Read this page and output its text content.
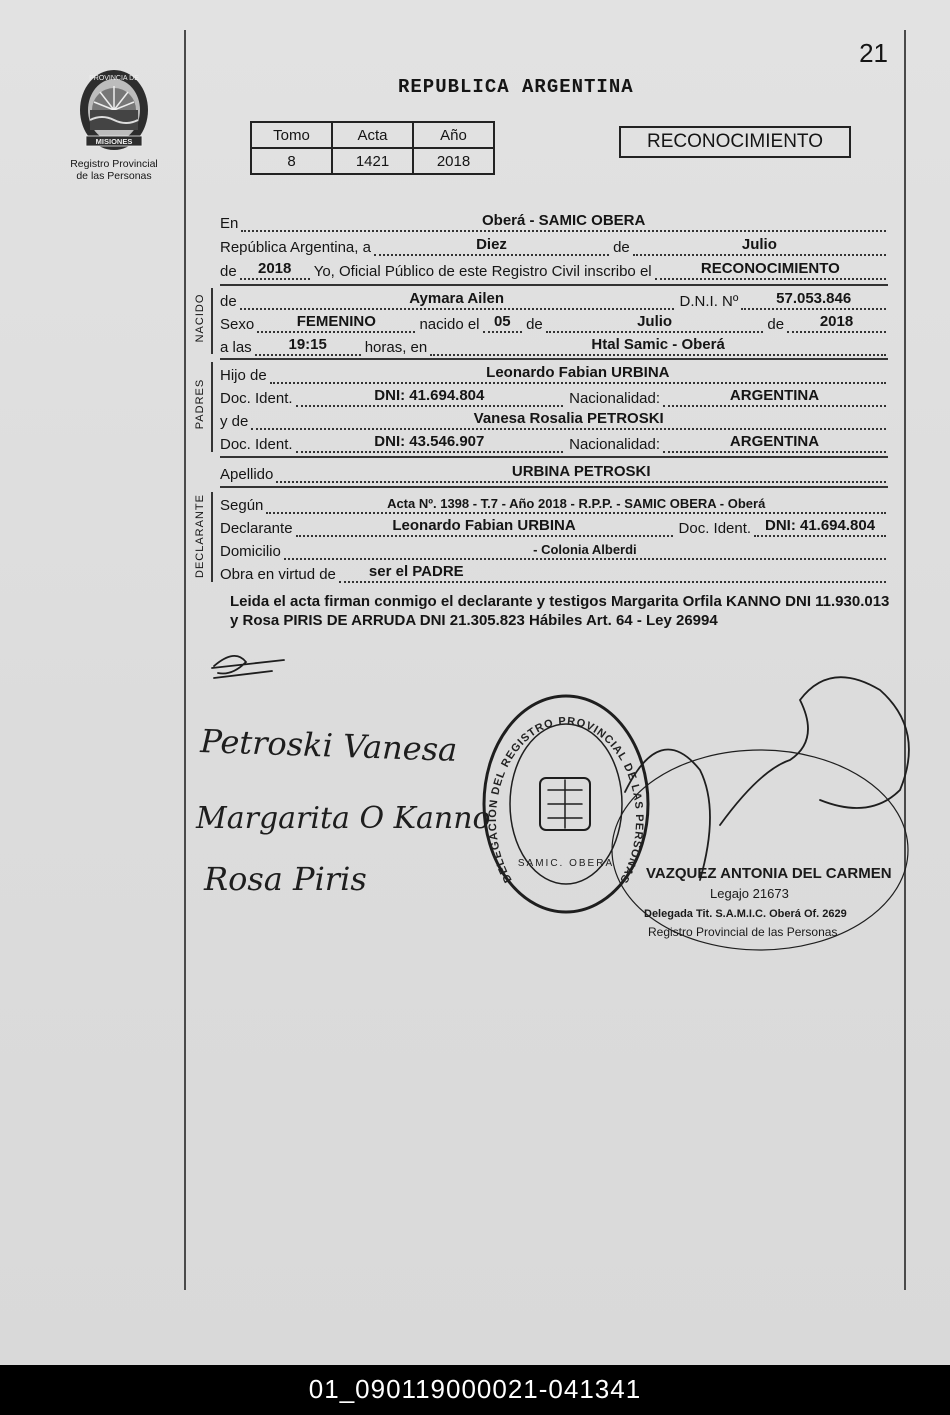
21
REPUBLICA ARGENTINA
PROVINCIA DE
MISIONES
Registro Provincial
de las Personas
Tomo	Acta	Año
8	1421	2018
RECONOCIMIENTO
En	Oberá - SAMIC OBERA
República Argentina, a	Diez	de	Julio
de	2018	Yo, Oficial Público de este Registro Civil inscribo el	RECONOCIMIENTO
NACIDO de	Aymara Ailen	D.N.I. Nº	57.053.846
Sexo	FEMENINO	nacido el 05	de	Julio	de	2018
a las	19:15	horas, en	Htal Samic - Oberá
PADRES
Hijo de	Leonardo Fabian URBINA
Doc. Ident.	DNI: 41.694.804	Nacionalidad:	ARGENTINA
y de	Vanesa Rosalia PETROSKI
Doc. Ident.	DNI: 43.546.907	Nacionalidad:	ARGENTINA
Apellido	URBINA PETROSKI
DECLARANTE Según	Acta Nº. 1398 - T.7 - Año 2018 - R.P.P. - SAMIC OBERA - Oberá
Declarante	Leonardo Fabian URBINA	Doc. Ident. DNI: 41.694.804
Domicilio	- Colonia Alberdi
Obra en virtud de ser el PADRE
Leida el acta firman conmigo el declarante y testigos Margarita Orfila KANNO DNI 11.930.013 y Rosa PIRIS DE ARRUDA DNI 21.305.823 Hábiles Art. 64 - Ley 26994
DELEGACION DEL REGISTRO PROVINCIAL DE LAS PERSONAS
SAMIC. OBERA
Petroski Vanesa
Margarita O Kanno
Rosa Piris	VAZQUEZ ANTONIA DEL CARMEN
Legajo 21673
Delegada Tit. S.A.M.I.C. Oberá Of. 2629
Registro Provincial de las Personas
01_090119000021-041341
